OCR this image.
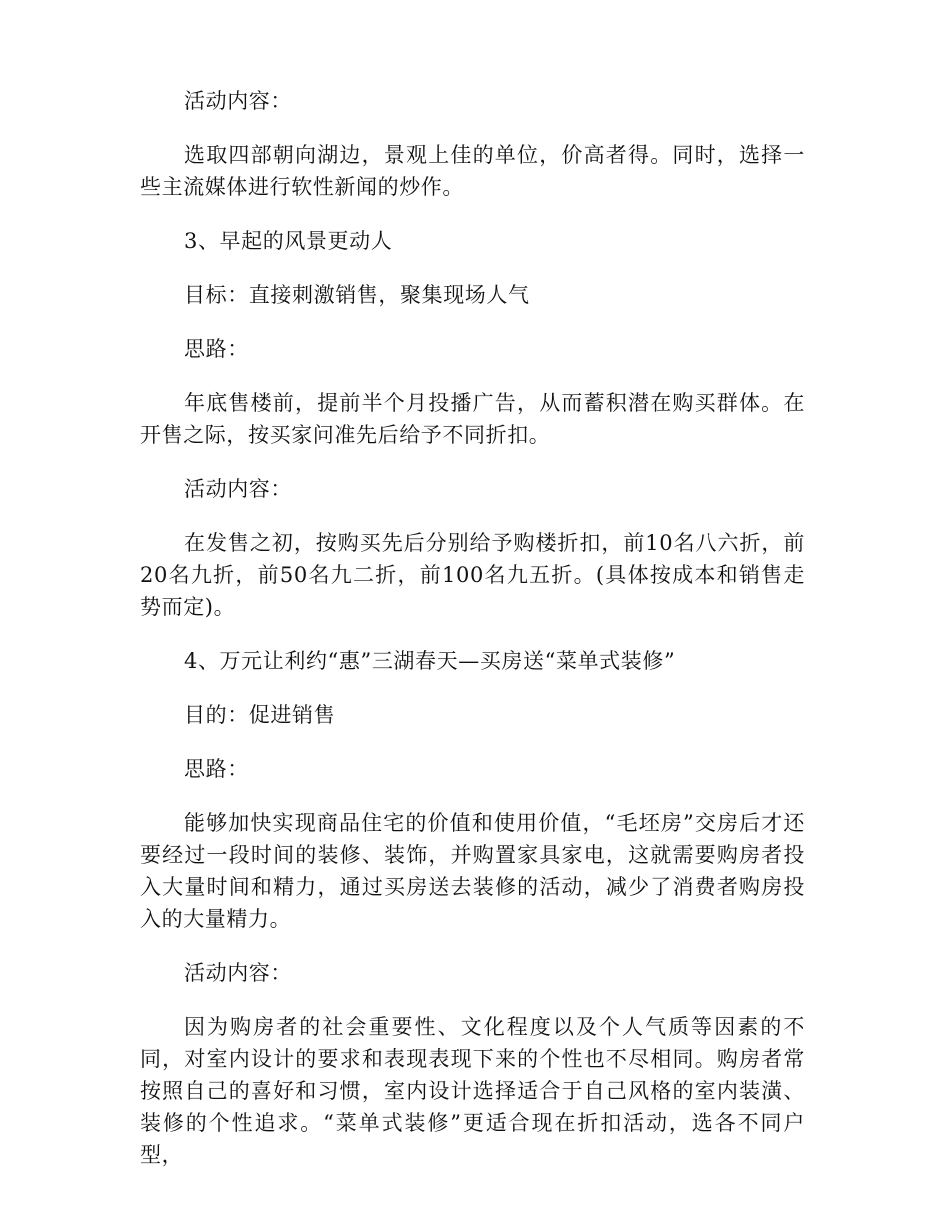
活动内容：

选取四部朝向湖边，景观上佳的单位，价高者得。同时，选择一些主流媒体进行软性新闻的炒作。

3、早起的风景更动人

目标：直接刺激销售，聚集现场人气

思路：

年底售楼前，提前半个月投播广告，从而蓄积潜在购买群体。在开售之际，按买家问准先后给予不同折扣。

活动内容：

在发售之初，按购买先后分别给予购楼折扣，前10名八六折，前20名九折，前50名九二折，前100名九五折。(具体按成本和销售走势而定)。

4、万元让利约“惠”三湖春天—买房送“菜单式装修”

目的：促进销售

思路：

能够加快实现商品住宅的价值和使用价值，“毛坯房”交房后才还要经过一段时间的装修、装饰，并购置家具家电，这就需要购房者投入大量时间和精力，通过买房送去装修的活动，减少了消费者购房投入的大量精力。

活动内容：

因为购房者的社会重要性、文化程度以及个人气质等因素的不同，对室内设计的要求和表现表现下来的个性也不尽相同。购房者常按照自己的喜好和习惯，室内设计选择适合于自己风格的室内装潢、装修的个性追求。“菜单式装修”更适合现在折扣活动，选各不同户型，
